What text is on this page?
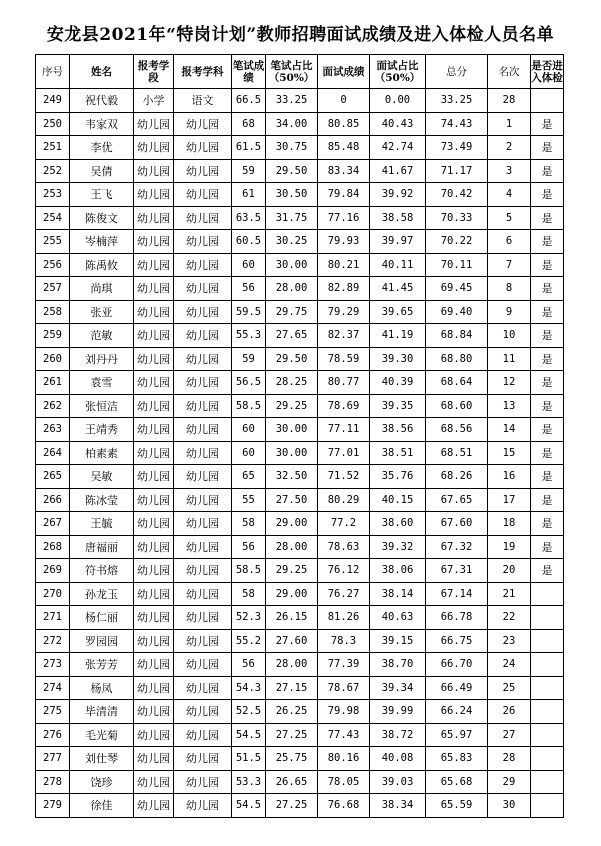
安龙县2021年“特岗计划”教师招聘面试成绩及进入体检人员名单
序号	姓名	报考学段	报考学科	笔试成绩	笔试占比（50%）	面试成绩	面试占比（50%）	总分	名次	是否进入体检
249	祝代毅	小学	语文	66.5	33.25	0	0.00	33.25	28	
250	韦家双	幼儿园	幼儿园	68	34.00	80.85	40.43	74.43	1	是
251	李优	幼儿园	幼儿园	61.5	30.75	85.48	42.74	73.49	2	是
252	吴倩	幼儿园	幼儿园	59	29.50	83.34	41.67	71.17	3	是
253	王飞	幼儿园	幼儿园	61	30.50	79.84	39.92	70.42	4	是
254	陈俊文	幼儿园	幼儿园	63.5	31.75	77.16	38.58	70.33	5	是
255	岑楠萍	幼儿园	幼儿园	60.5	30.25	79.93	39.97	70.22	6	是
256	陈禹攸	幼儿园	幼儿园	60	30.00	80.21	40.11	70.11	7	是
257	尚琪	幼儿园	幼儿园	56	28.00	82.89	41.45	69.45	8	是
258	张亚	幼儿园	幼儿园	59.5	29.75	79.29	39.65	69.40	9	是
259	范敏	幼儿园	幼儿园	55.3	27.65	82.37	41.19	68.84	10	是
260	刘丹丹	幼儿园	幼儿园	59	29.50	78.59	39.30	68.80	11	是
261	袁雪	幼儿园	幼儿园	56.5	28.25	80.77	40.39	68.64	12	是
262	张恒洁	幼儿园	幼儿园	58.5	29.25	78.69	39.35	68.60	13	是
263	王靖秀	幼儿园	幼儿园	60	30.00	77.11	38.56	68.56	14	是
264	柏素素	幼儿园	幼儿园	60	30.00	77.01	38.51	68.51	15	是
265	吴敏	幼儿园	幼儿园	65	32.50	71.52	35.76	68.26	16	是
266	陈冰莹	幼儿园	幼儿园	55	27.50	80.29	40.15	67.65	17	是
267	王毓	幼儿园	幼儿园	58	29.00	77.2	38.60	67.60	18	是
268	唐福丽	幼儿园	幼儿园	56	28.00	78.63	39.32	67.32	19	是
269	符书熔	幼儿园	幼儿园	58.5	29.25	76.12	38.06	67.31	20	是
270	孙龙玉	幼儿园	幼儿园	58	29.00	76.27	38.14	67.14	21	
271	杨仁丽	幼儿园	幼儿园	52.3	26.15	81.26	40.63	66.78	22	
272	罗园园	幼儿园	幼儿园	55.2	27.60	78.3	39.15	66.75	23	
273	张芳芳	幼儿园	幼儿园	56	28.00	77.39	38.70	66.70	24	
274	杨凤	幼儿园	幼儿园	54.3	27.15	78.67	39.34	66.49	25	
275	毕清清	幼儿园	幼儿园	52.5	26.25	79.98	39.99	66.24	26	
276	毛光菊	幼儿园	幼儿园	54.5	27.25	77.43	38.72	65.97	27	
277	刘仕琴	幼儿园	幼儿园	51.5	25.75	80.16	40.08	65.83	28	
278	饶珍	幼儿园	幼儿园	53.3	26.65	78.05	39.03	65.68	29	
279	徐佳	幼儿园	幼儿园	54.5	27.25	76.68	38.34	65.59	30	
